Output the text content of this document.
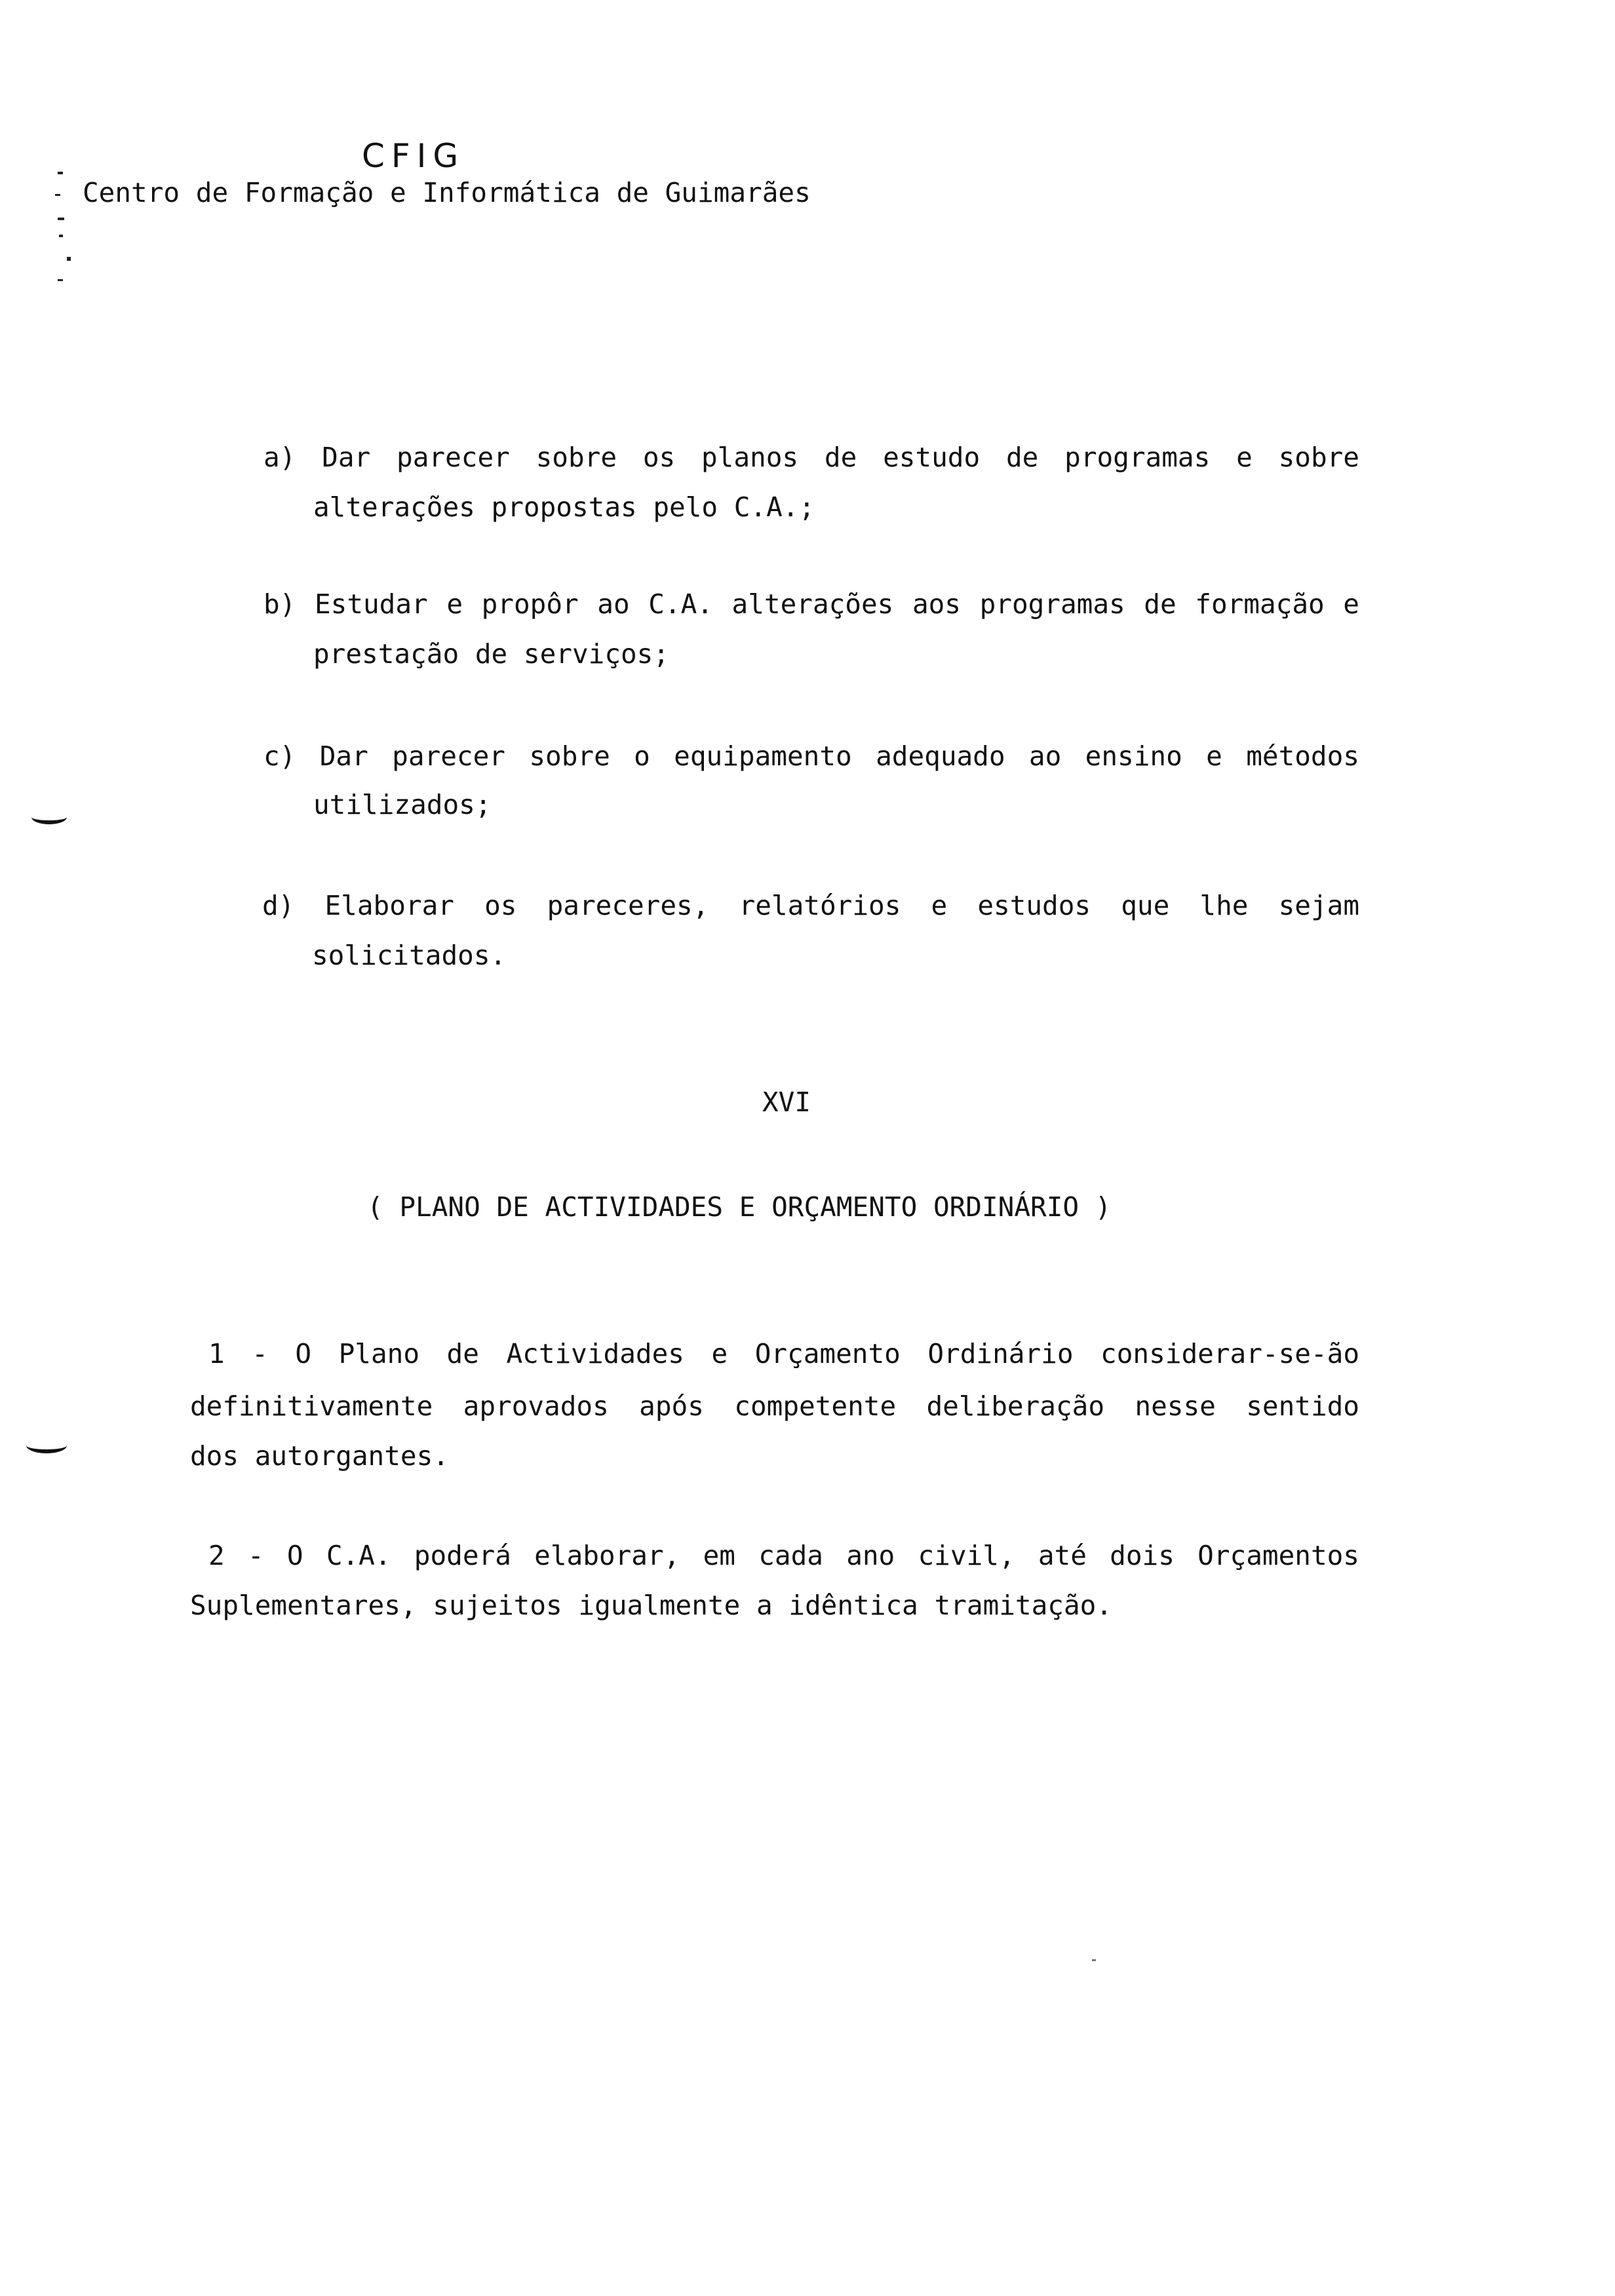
CFIG
Centro de Formação e Informática de Guimarães
a) Dar parecer sobre os planos de estudo de programas e sobre
alterações propostas pelo C.A.;
b) Estudar e propôr ao C.A. alterações aos programas de formação e
prestação de serviços;
c) Dar parecer sobre o equipamento adequado ao ensino e métodos
utilizados;
d) Elaborar os pareceres, relatórios e estudos que lhe sejam
solicitados.
XVI
( PLANO DE ACTIVIDADES E ORÇAMENTO ORDINÁRIO )
1 - O Plano de Actividades e Orçamento Ordinário considerar-se-ão
definitivamente aprovados após competente deliberação nesse sentido
dos autorgantes.
2 - O C.A. poderá elaborar, em cada ano civil, até dois Orçamentos
Suplementares, sujeitos igualmente a idêntica tramitação.
